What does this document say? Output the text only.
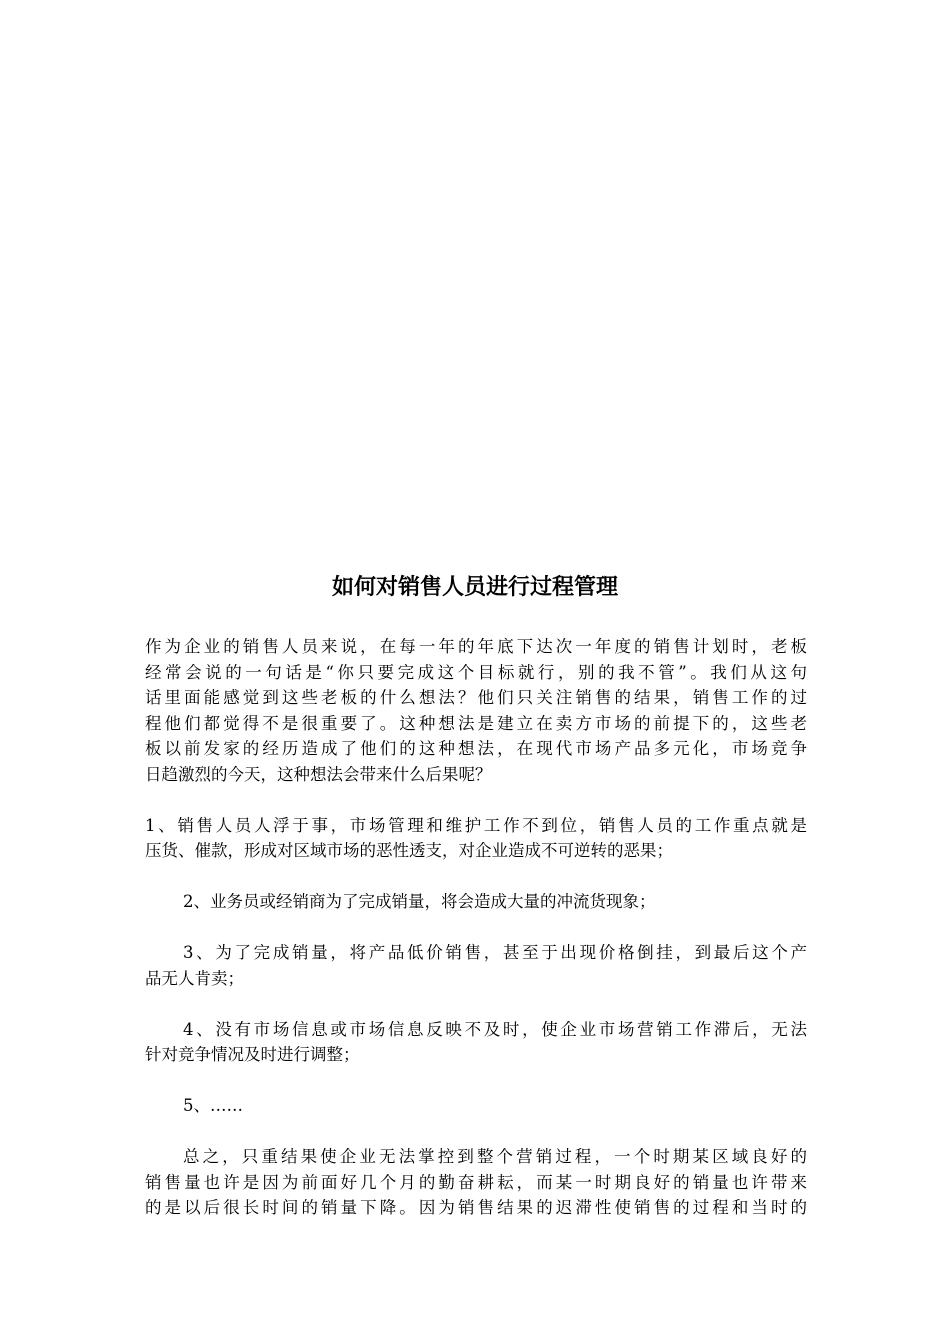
如何对销售人员进行过程管理
作为企业的销售人员来说，在每一年的年底下达次一年度的销售计划时，老板
经常会说的一句话是“你只要完成这个目标就行，别的我不管”。我们从这句
话里面能感觉到这些老板的什么想法？他们只关注销售的结果，销售工作的过
程他们都觉得不是很重要了。这种想法是建立在卖方市场的前提下的，这些老
板以前发家的经历造成了他们的这种想法，在现代市场产品多元化，市场竞争
日趋激烈的今天，这种想法会带来什么后果呢？
1、销售人员人浮于事，市场管理和维护工作不到位，销售人员的工作重点就是
压货、催款，形成对区域市场的恶性透支，对企业造成不可逆转的恶果；
2、业务员或经销商为了完成销量，将会造成大量的冲流货现象；
3、为了完成销量，将产品低价销售，甚至于出现价格倒挂，到最后这个产
品无人肯卖；
4、没有市场信息或市场信息反映不及时，使企业市场营销工作滞后，无法
针对竞争情况及时进行调整；
5、……
总之，只重结果使企业无法掌控到整个营销过程，一个时期某区域良好的
销售量也许是因为前面好几个月的勤奋耕耘，而某一时期良好的销量也许带来
的是以后很长时间的销量下降。因为销售结果的迟滞性使销售的过程和当时的
